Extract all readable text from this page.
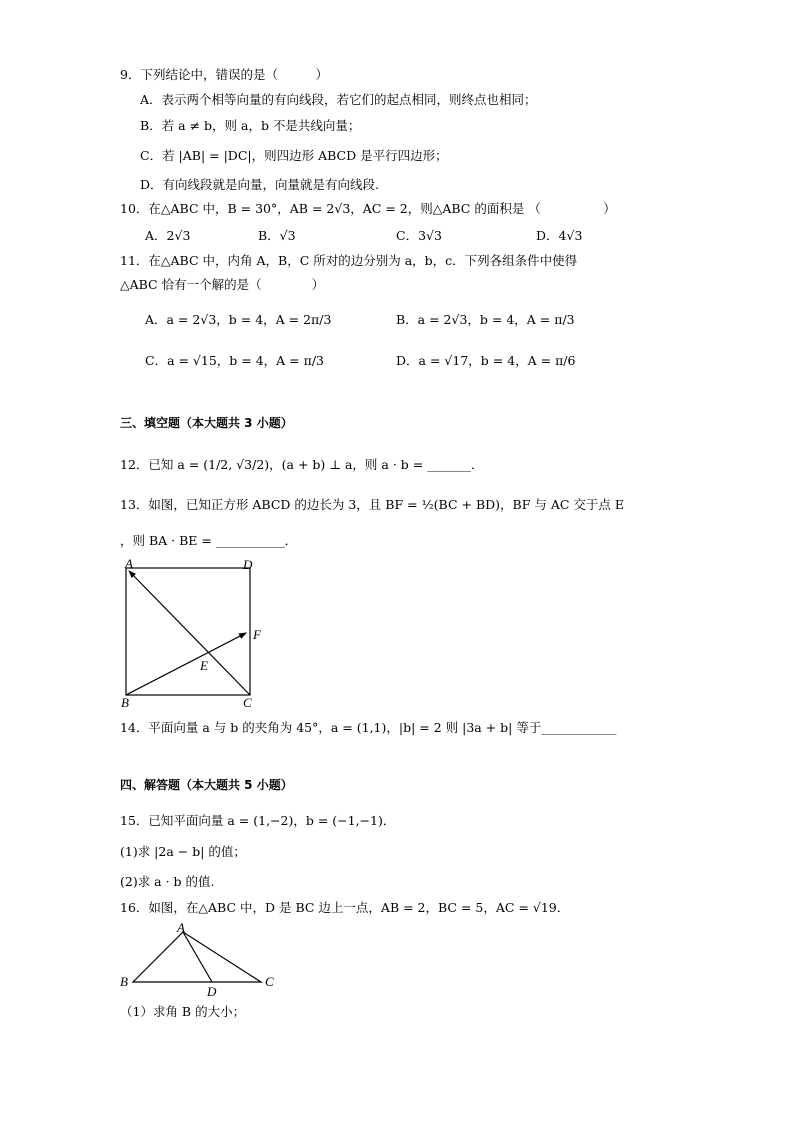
9．下列结论中，错误的是（　　　）
A．表示两个相等向量的有向线段，若它们的起点相同，则终点也相同；
B．若 a ≠ b，则 a，b 不是共线向量；
C．若 |AB| = |DC|，则四边形 ABCD 是平行四边形；
D．有向线段就是向量，向量就是有向线段.
10．在△ABC 中，B = 30°，AB = 2√3，AC = 2，则△ABC 的面积是 （　　　　　）
A．2√3	B．√3	C．3√3	D．4√3
11．在△ABC 中，内角 A，B，C 所对的边分别为 a，b，c．下列各组条件中使得
△ABC 恰有一个解的是（　　　　）
A．a = 2√3，b = 4，A = 2π/3	B．a = 2√3，b = 4，A = π/3
C．a = √15，b = 4，A = π/3	D．a = √17，b = 4，A = π/6
三、填空题（本大题共 3 小题）
12．已知 a = (1/2, √3/2)，(a + b) ⊥ a，则 a · b = _______．
13．如图，已知正方形 ABCD 的边长为 3，且 BF = ½(BC + BD)，BF 与 AC 交于点 E
，则 BA · BE = ___________．
A	D
B	C
E
F
14．平面向量 a 与 b 的夹角为 45°，a = (1,1)，|b| = 2 则 |3a + b| 等于____________
四、解答题（本大题共 5 小题）
15．已知平面向量 a = (1,−2)，b = (−1,−1)．
(1)求 |2a − b| 的值；
(2)求 a · b 的值.
16．如图，在△ABC 中，D 是 BC 边上一点，AB = 2，BC = 5，AC = √19．
A
B	C
D
（1）求角 B 的大小；
